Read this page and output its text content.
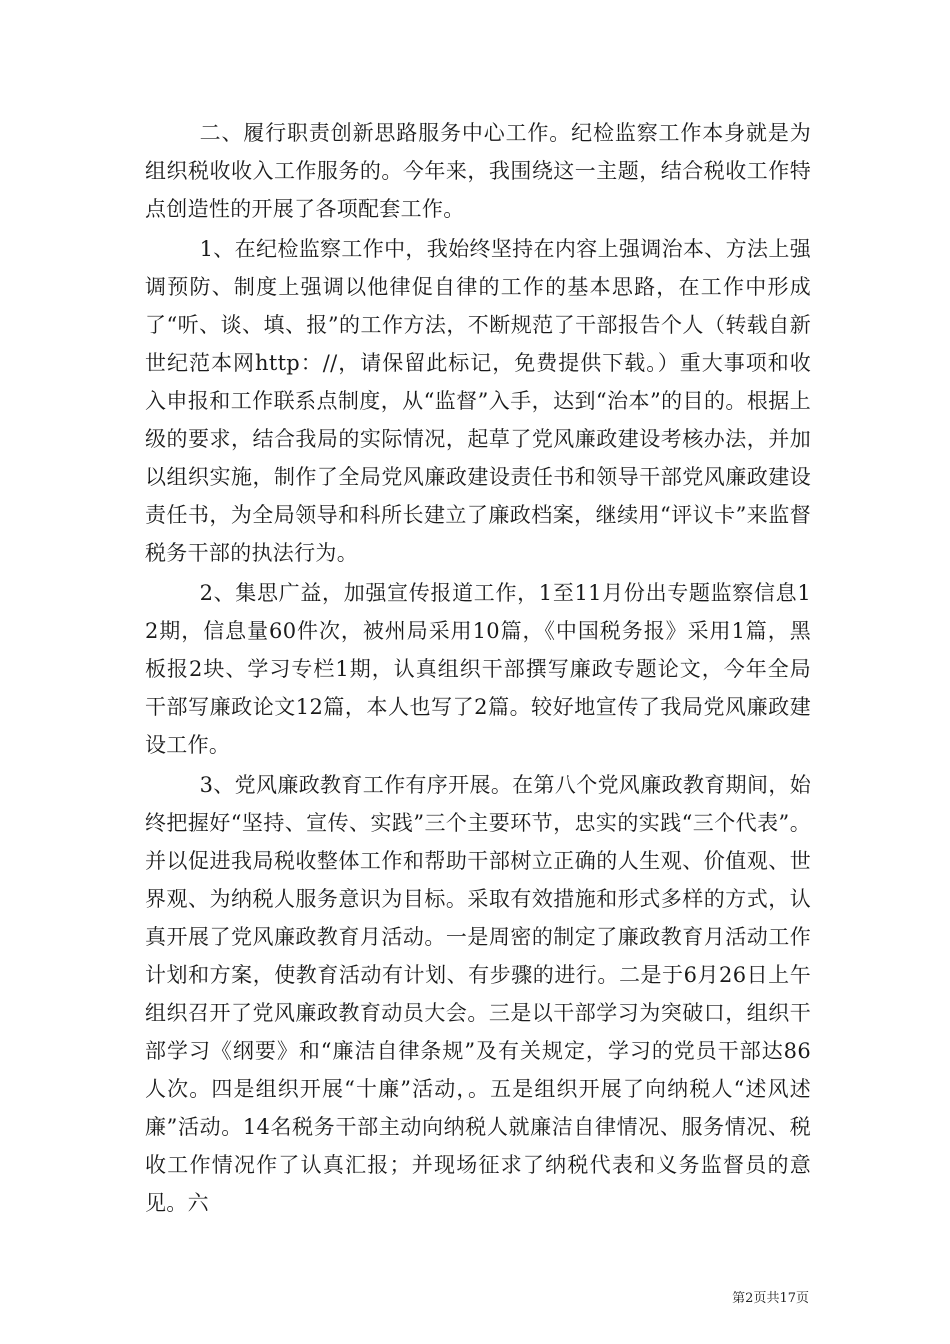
二、履行职责创新思路服务中心工作。纪检监察工作本身就是为组织税收收入工作服务的。今年来，我围绕这一主题，结合税收工作特点创造性的开展了各项配套工作。

1、在纪检监察工作中，我始终坚持在内容上强调治本、方法上强调预防、制度上强调以他律促自律的工作的基本思路，在工作中形成了“听、谈、填、报”的工作方法，不断规范了干部报告个人（转载自新世纪范本网http：//，请保留此标记，免费提供下载。）重大事项和收入申报和工作联系点制度，从“监督”入手，达到“治本”的目的。根据上级的要求，结合我局的实际情况，起草了党风廉政建设考核办法，并加以组织实施，制作了全局党风廉政建设责任书和领导干部党风廉政建设责任书，为全局领导和科所长建立了廉政档案，继续用“评议卡”来监督税务干部的执法行为。

2、集思广益，加强宣传报道工作，1至11月份出专题监察信息12期，信息量60件次，被州局采用10篇，《中国税务报》采用1篇，黑板报2块、学习专栏1期，认真组织干部撰写廉政专题论文，今年全局干部写廉政论文12篇，本人也写了2篇。较好地宣传了我局党风廉政建设工作。

3、党风廉政教育工作有序开展。在第八个党风廉政教育期间，始终把握好“坚持、宣传、实践”三个主要环节，忠实的实践“三个代表”。并以促进我局税收整体工作和帮助干部树立正确的人生观、价值观、世界观、为纳税人服务意识为目标。采取有效措施和形式多样的方式，认真开展了党风廉政教育月活动。一是周密的制定了廉政教育月活动工作计划和方案，使教育活动有计划、有步骤的进行。二是于6月26日上午组织召开了党风廉政教育动员大会。三是以干部学习为突破口，组织干部学习《纲要》和“廉洁自律条规”及有关规定，学习的党员干部达86人次。四是组织开展“十廉”活动，。五是组织开展了向纳税人“述风述廉”活动。14名税务干部主动向纳税人就廉洁自律情况、服务情况、税收工作情况作了认真汇报；并现场征求了纳税代表和义务监督员的意见。六

第2页共17页
